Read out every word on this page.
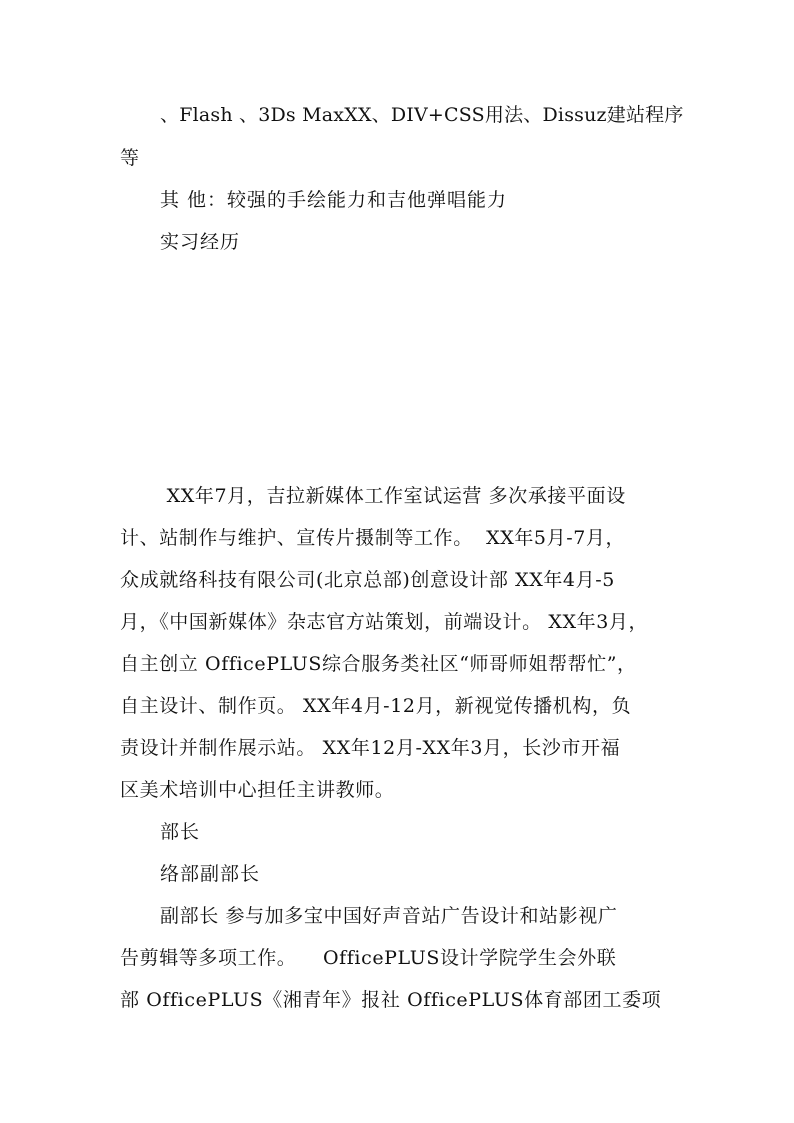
、Flash 、3Ds MaxXX、DIV+CSS用法、Dissuz建站程序
等
其 他：较强的手绘能力和吉他弹唱能力
实习经历
XX年7月，吉拉新媒体工作室试运营 多次承接平面设
计、站制作与维护、宣传片摄制等工作。  XX年5月-7月，
众成就络科技有限公司(北京总部)创意设计部 XX年4月-5
月，《中国新媒体》杂志官方站策划，前端设计。 XX年3月，
自主创立 OfficePLUS综合服务类社区“师哥师姐帮帮忙”，
自主设计、制作页。 XX年4月-12月，新视觉传播机构，负
责设计并制作展示站。 XX年12月-XX年3月，长沙市开福
区美术培训中心担任主讲教师。
部长
络部副部长
副部长 参与加多宝中国好声音站广告设计和站影视广
告剪辑等多项工作。    OfficePLUS设计学院学生会外联
部 OfficePLUS《湘青年》报社 OfficePLUS体育部团工委项
